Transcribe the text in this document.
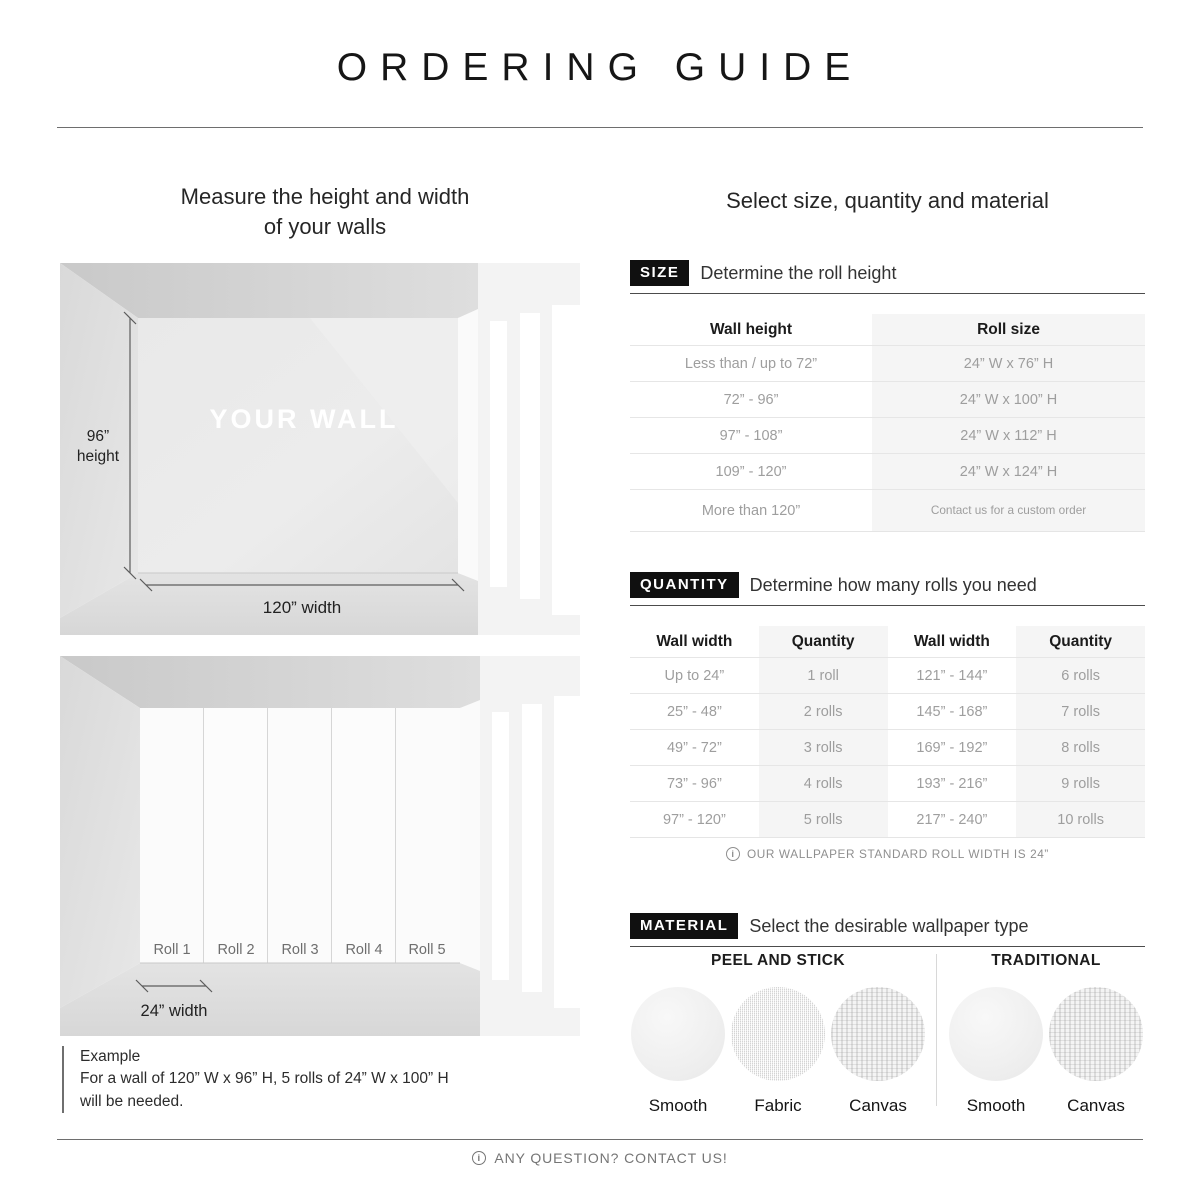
ORDERING GUIDE
Measure the height and width
of your walls
Select size, quantity and material
96”
height
YOUR WALL
120” width
Roll 1 Roll 2 Roll 3 Roll 4 Roll 5
24” width
Example
For a wall of 120” W x 96” H, 5 rolls of 24” W x 100” H
will be needed.
SIZE	Determine the roll height
Wall height	Roll size
Less than / up to 72”	24” W x 76” H
72” - 96”	24” W x 100” H
97” - 108”	24” W x 112” H
109” - 120”	24” W x 124” H
More than 120”	Contact us for a custom order
QUANTITY	Determine how many rolls you need
Wall width	Quantity	Wall width	Quantity
Up to 24”	1 roll	121” - 144”	6 rolls
25” - 48”	2 rolls	145” - 168”	7 rolls
49” - 72”	3 rolls	169” - 192”	8 rolls
73” - 96”	4 rolls	193” - 216”	9 rolls
97” - 120”	5 rolls	217” - 240”	10 rolls
i	OUR WALLPAPER STANDARD ROLL WIDTH IS 24”
MATERIAL	Select the desirable wallpaper type
PEEL AND STICK
Smooth	Fabric	Canvas
TRADITIONAL
Smooth Canvas
i ANY QUESTION? CONTACT US!
